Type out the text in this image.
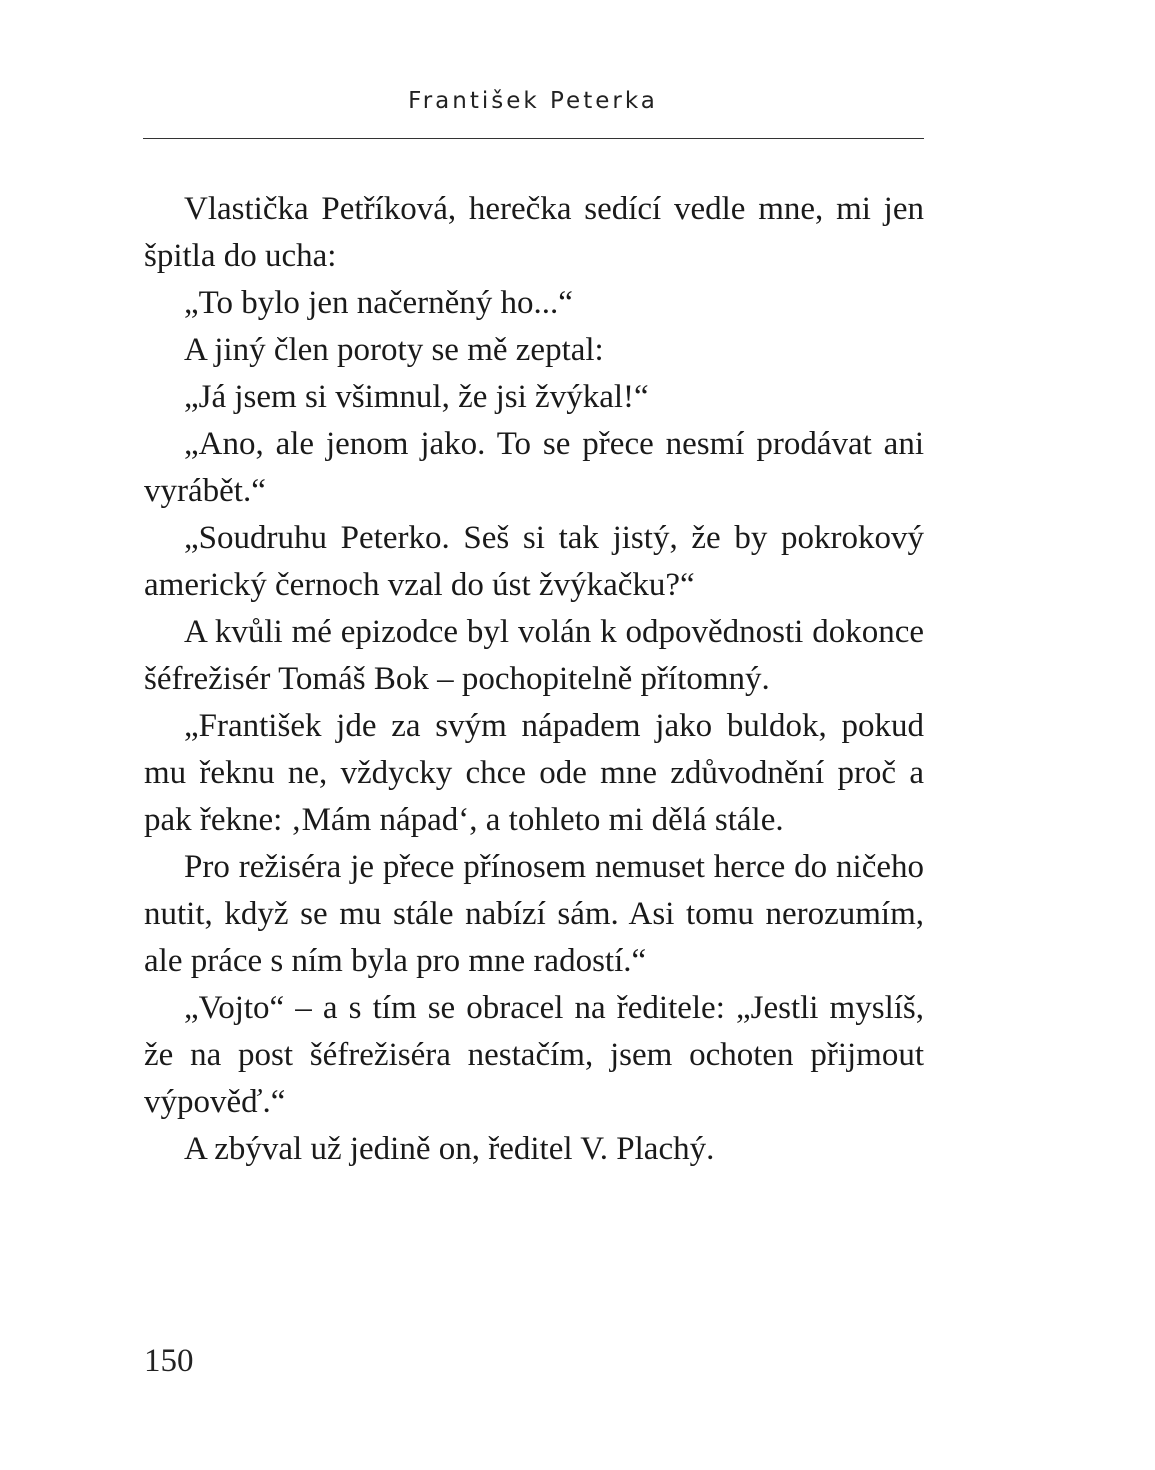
František Peterka

Vlastička Petříková, herečka sedící vedle mne, mi jen špitla do ucha:

„To bylo jen načerněný ho...“

A jiný člen poroty se mě zeptal:

„Já jsem si všimnul, že jsi žvýkal!“

„Ano, ale jenom jako. To se přece nesmí prodávat ani vyrábět.“

„Soudruhu Peterko. Seš si tak jistý, že by pokrokový americký černoch vzal do úst žvýkačku?“

A kvůli mé epizodce byl volán k odpovědnosti dokonce šéfrežisér Tomáš Bok – pochopitelně přítomný.

„František jde za svým nápadem jako buldok, pokud mu řeknu ne, vždycky chce ode mne zdůvodnění proč a pak řekne: ‚Mám nápad‘, a tohleto mi dělá stále.

Pro režiséra je přece přínosem nemuset herce do ničeho nutit, když se mu stále nabízí sám. Asi tomu nerozumím, ale práce s ním byla pro mne radostí.“

„Vojto“ – a s tím se obracel na ředitele: „Jestli myslíš, že na post šéfrežiséra nestačím, jsem ochoten přijmout výpověď.“

A zbýval už jedině on, ředitel V. Plachý.

150
